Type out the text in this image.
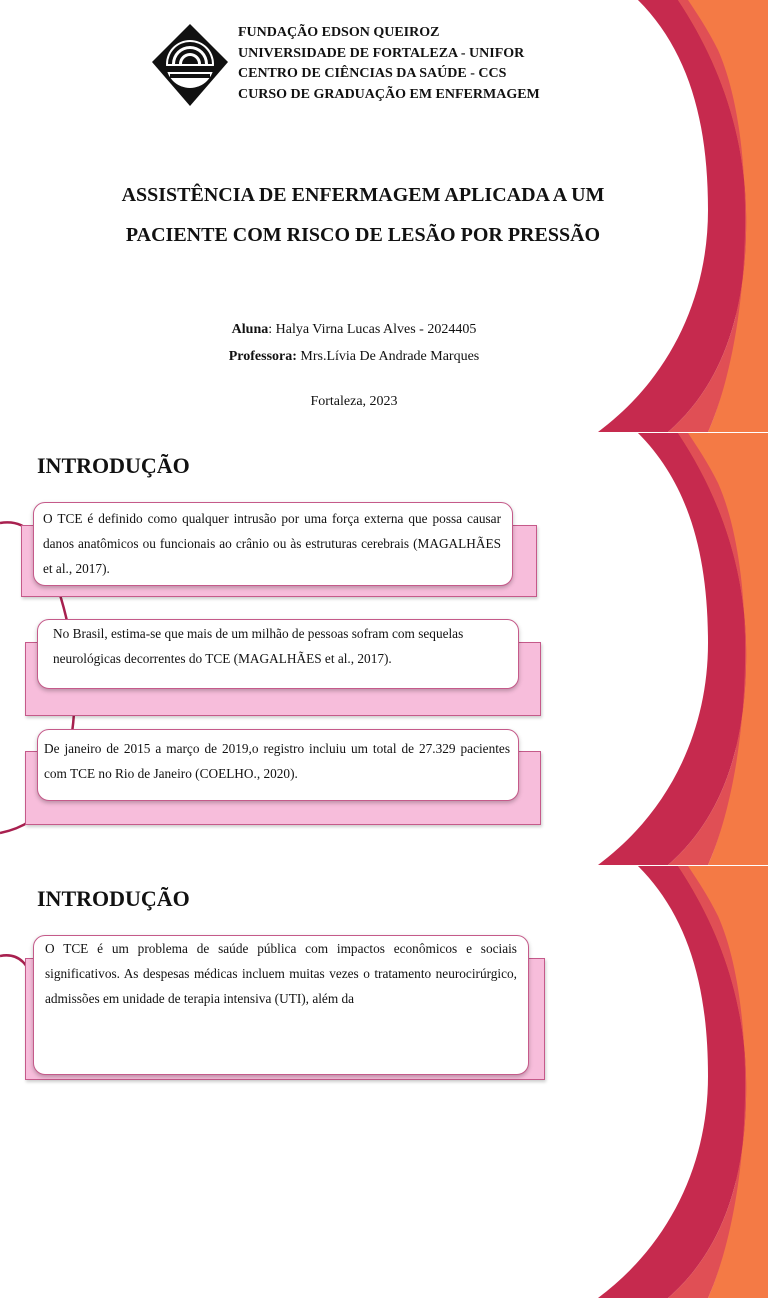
FUNDAÇÃO EDSON QUEIROZ
UNIVERSIDADE DE FORTALEZA - UNIFOR
CENTRO DE CIÊNCIAS DA SAÚDE - CCS
CURSO DE GRADUAÇÃO EM ENFERMAGEM
ASSISTÊNCIA DE ENFERMAGEM APLICADA A UM
PACIENTE COM RISCO DE LESÃO POR PRESSÃO
Aluna: Halya Virna Lucas Alves - 2024405
Professora: Mrs.Lívia De Andrade Marques
Fortaleza, 2023
INTRODUÇÃO
O TCE é definido como qualquer intrusão por uma força externa que possa causar danos anatômicos ou funcionais ao crânio ou às estruturas cerebrais (MAGALHÃES et al., 2017).
No Brasil, estima-se que mais de um milhão de pessoas sofram com sequelas neurológicas decorrentes do TCE (MAGALHÃES et al., 2017).
De janeiro de 2015 a março de 2019,o registro incluiu um total de 27.329 pacientes com TCE no Rio de Janeiro (COELHO., 2020).
INTRODUÇÃO
O TCE é um problema de saúde pública com impactos econômicos e sociais significativos. As despesas médicas incluem muitas vezes o tratamento neurocirúrgico, admissões em unidade de terapia intensiva (UTI), além da
